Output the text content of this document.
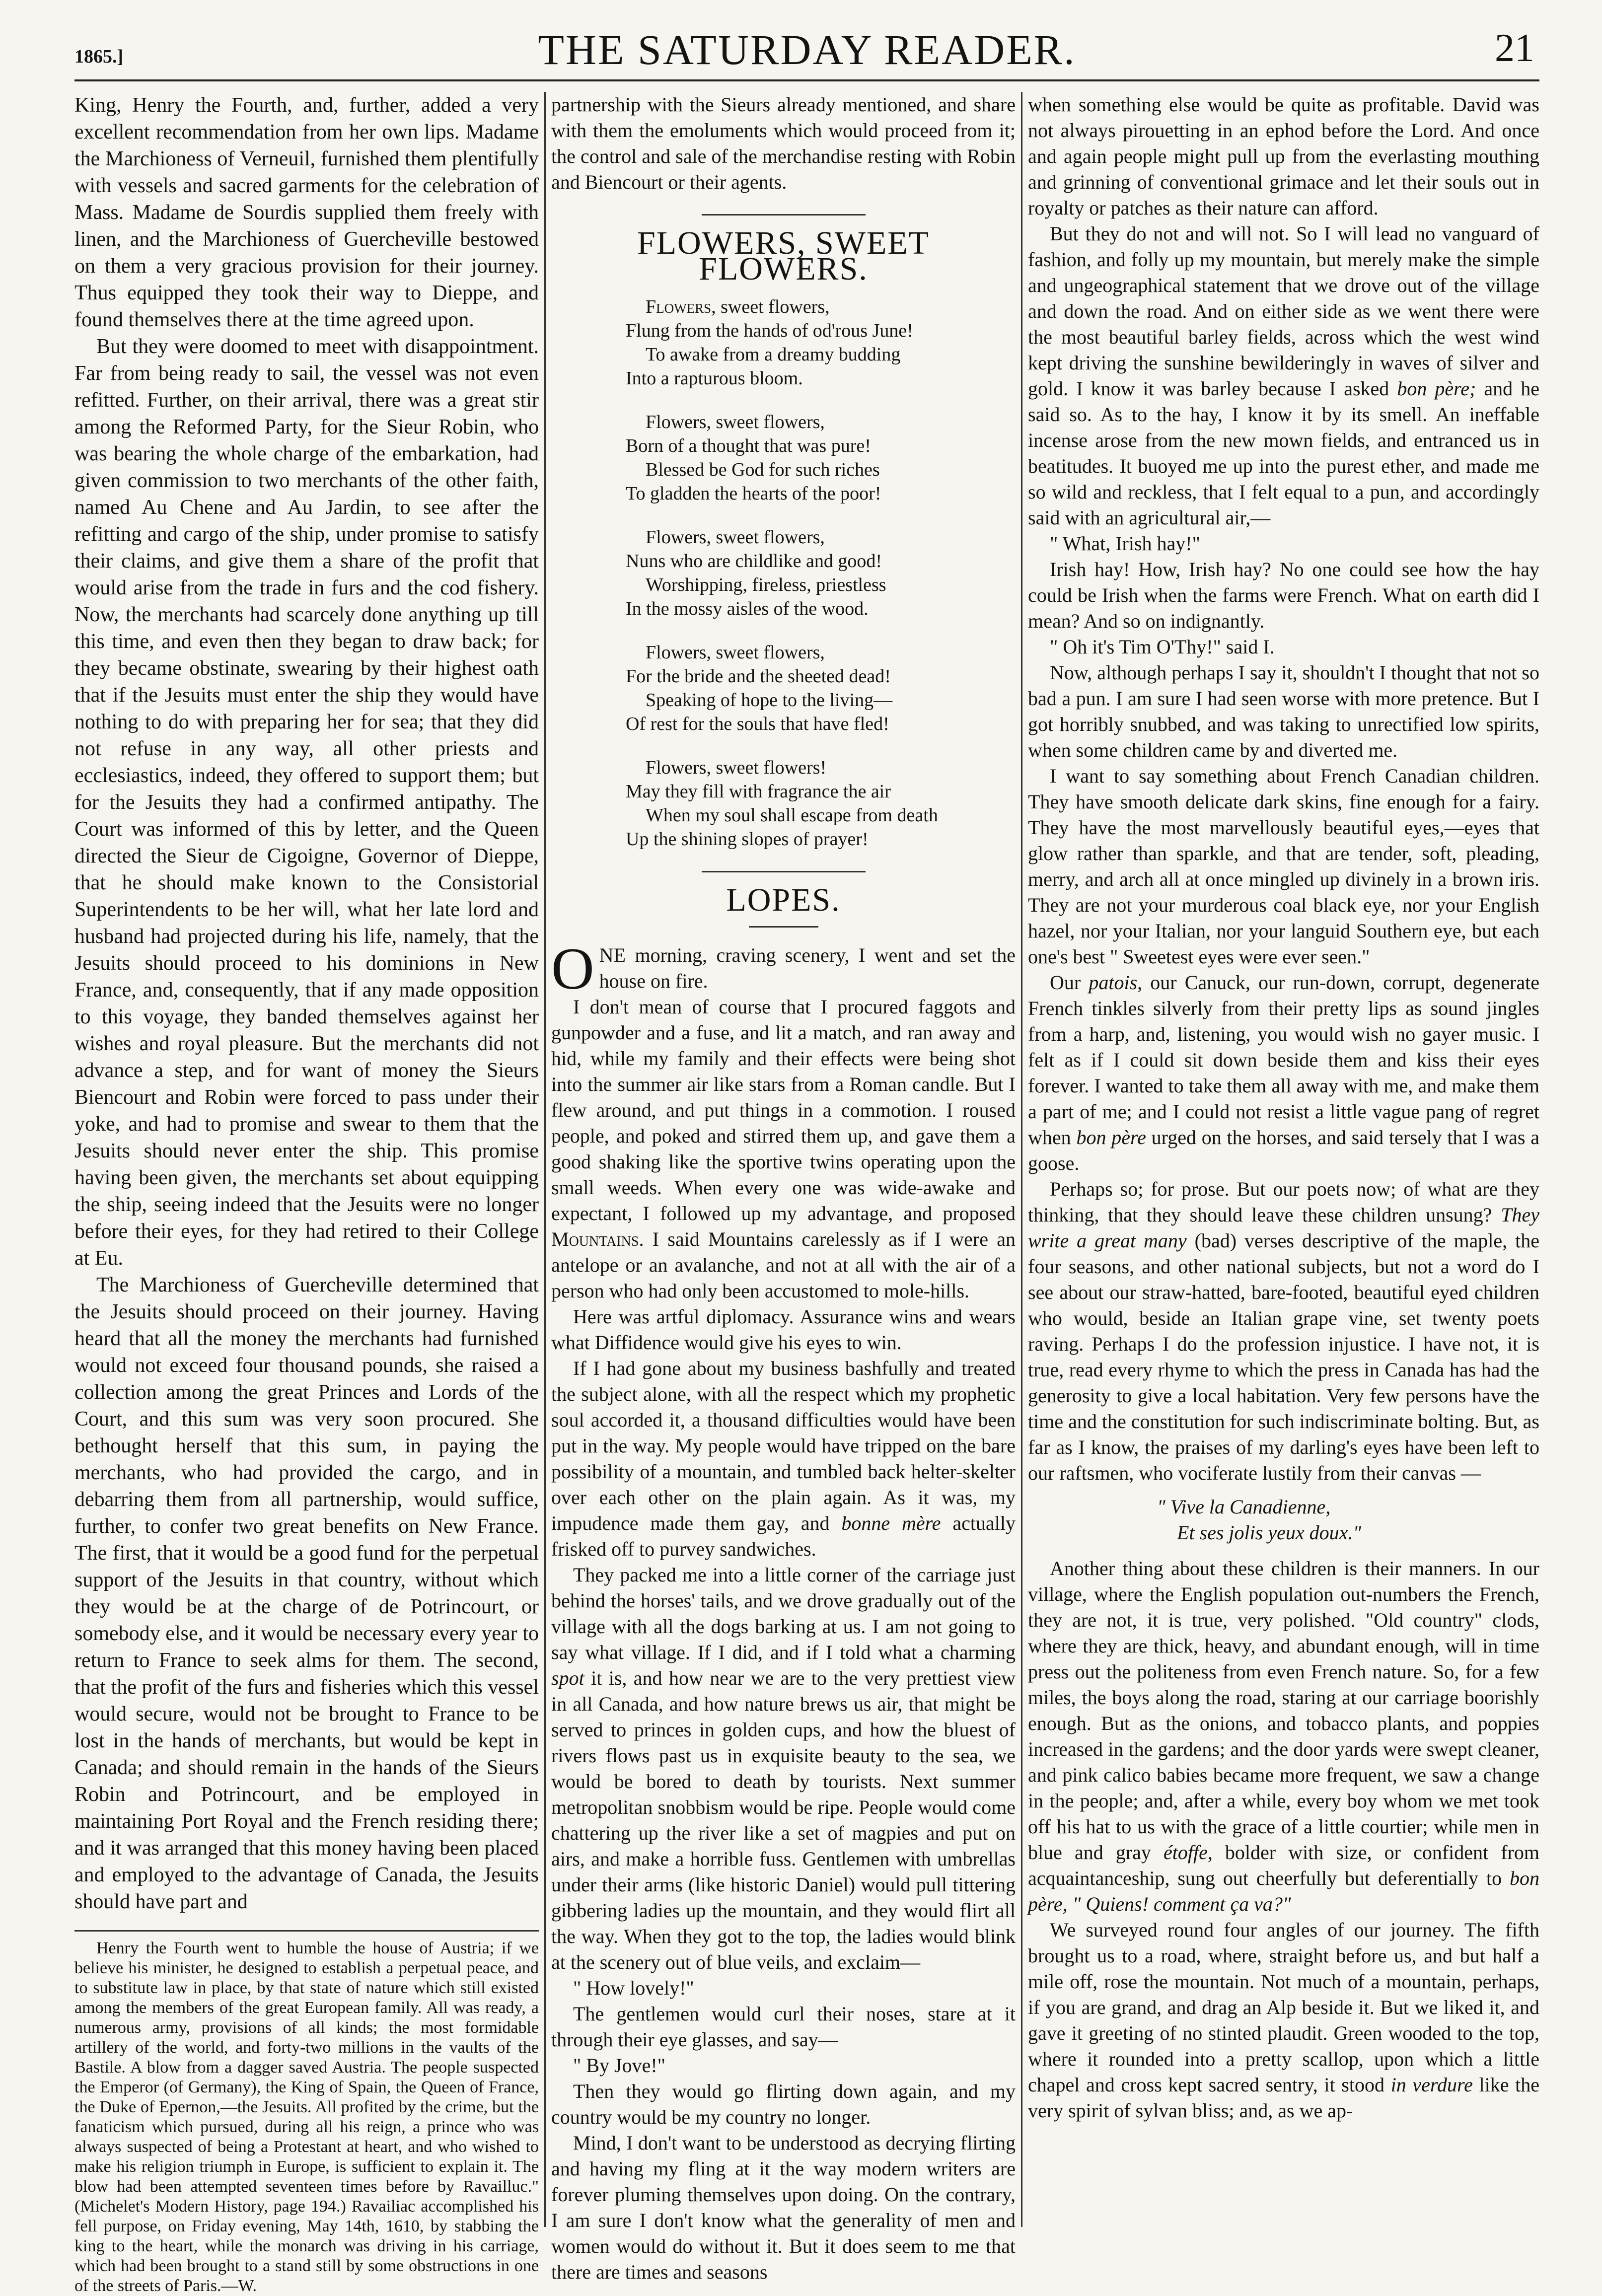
1865.]	THE SATURDAY READER.	21

King, Henry the Fourth, and, further, added a very excellent recommendation from her own lips. Madame the Marchioness of Verneuil, furnished them plentifully with vessels and sacred garments for the celebration of Mass. Madame de Sourdis supplied them freely with linen, and the Marchioness of Guercheville bestowed on them a very gracious provision for their journey. Thus equipped they took their way to Dieppe, and found themselves there at the time agreed upon.

But they were doomed to meet with disappointment. Far from being ready to sail, the vessel was not even refitted. Further, on their arrival, there was a great stir among the Reformed Party, for the Sieur Robin, who was bearing the whole charge of the embarkation, had given commission to two merchants of the other faith, named Au Chene and Au Jardin, to see after the refitting and cargo of the ship, under promise to satisfy their claims, and give them a share of the profit that would arise from the trade in furs and the cod fishery. Now, the merchants had scarcely done anything up till this time, and even then they began to draw back; for they became obstinate, swearing by their highest oath that if the Jesuits must enter the ship they would have nothing to do with preparing her for sea; that they did not refuse in any way, all other priests and ecclesiastics, indeed, they offered to support them; but for the Jesuits they had a confirmed antipathy. The Court was informed of this by letter, and the Queen directed the Sieur de Cigoigne, Governor of Dieppe, that he should make known to the Consistorial Superintendents to be her will, what her late lord and husband had projected during his life, namely, that the Jesuits should proceed to his dominions in New France, and, consequently, that if any made opposition to this voyage, they banded themselves against her wishes and royal pleasure. But the merchants did not advance a step, and for want of money the Sieurs Biencourt and Robin were forced to pass under their yoke, and had to promise and swear to them that the Jesuits should never enter the ship. This promise having been given, the merchants set about equipping the ship, seeing indeed that the Jesuits were no longer before their eyes, for they had retired to their College at Eu.

The Marchioness of Guercheville determined that the Jesuits should proceed on their journey. Having heard that all the money the merchants had furnished would not exceed four thousand pounds, she raised a collection among the great Princes and Lords of the Court, and this sum was very soon procured. She bethought herself that this sum, in paying the merchants, who had provided the cargo, and in debarring them from all partnership, would suffice, further, to confer two great benefits on New France. The first, that it would be a good fund for the perpetual support of the Jesuits in that country, without which they would be at the charge of de Potrincourt, or somebody else, and it would be necessary every year to return to France to seek alms for them. The second, that the profit of the furs and fisheries which this vessel would secure, would not be brought to France to be lost in the hands of merchants, but would be kept in Canada; and should remain in the hands of the Sieurs Robin and Potrincourt, and be employed in maintaining Port Royal and the French residing there; and it was arranged that this money having been placed and employed to the advantage of Canada, the Jesuits should have part and

Henry the Fourth went to humble the house of Austria; if we believe his minister, he designed to establish a perpetual peace, and to substitute law in place, by that state of nature which still existed among the members of the great European family. All was ready, a numerous army, provisions of all kinds; the most formidable artillery of the world, and forty-two millions in the vaults of the Bastile. A blow from a dagger saved Austria. The people suspected the Emperor (of Germany), the King of Spain, the Queen of France, the Duke of Epernon,—the Jesuits. All profited by the crime, but the fanaticism which pursued, during all his reign, a prince who was always suspected of being a Protestant at heart, and who wished to make his religion triumph in Europe, is sufficient to explain it. The blow had been attempted seventeen times before by Ravailluc." (Michelet's Modern History, page 194.) Ravailiac accomplished his fell purpose, on Friday evening, May 14th, 1610, by stabbing the king to the heart, while the monarch was driving in his carriage, which had been brought to a stand still by some obstructions in one of the streets of Paris.—W.

partnership with the Sieurs already mentioned, and share with them the emoluments which would proceed from it; the control and sale of the merchandise resting with Robin and Biencourt or their agents.

FLOWERS, SWEET FLOWERS.
Flowers, sweet flowers,
Flung from the hands of od'rous June!
To awake from a dreamy budding
Into a rapturous bloom.
Flowers, sweet flowers,
Born of a thought that was pure!
Blessed be God for such riches
To gladden the hearts of the poor!
Flowers, sweet flowers,
Nuns who are childlike and good!
Worshipping, fireless, priestless
In the mossy aisles of the wood.
Flowers, sweet flowers,
For the bride and the sheeted dead!
Speaking of hope to the living—
Of rest for the souls that have fled!
Flowers, sweet flowers!
May they fill with fragrance the air
When my soul shall escape from death
Up the shining slopes of prayer!
LOPES.

ONE morning, craving scenery, I went and set the house on fire.

I don't mean of course that I procured faggots and gunpowder and a fuse, and lit a match, and ran away and hid, while my family and their effects were being shot into the summer air like stars from a Roman candle. But I flew around, and put things in a commotion. I roused people, and poked and stirred them up, and gave them a good shaking like the sportive twins operating upon the small weeds. When every one was wide-awake and expectant, I followed up my advantage, and proposed Mountains. I said Mountains carelessly as if I were an antelope or an avalanche, and not at all with the air of a person who had only been accustomed to mole-hills.

Here was artful diplomacy. Assurance wins and wears what Diffidence would give his eyes to win.

If I had gone about my business bashfully and treated the subject alone, with all the respect which my prophetic soul accorded it, a thousand difficulties would have been put in the way. My people would have tripped on the bare possibility of a mountain, and tumbled back helter-skelter over each other on the plain again. As it was, my impudence made them gay, and bonne mère actually frisked off to purvey sandwiches.

They packed me into a little corner of the carriage just behind the horses' tails, and we drove gradually out of the village with all the dogs barking at us. I am not going to say what village. If I did, and if I told what a charming spot it is, and how near we are to the very prettiest view in all Canada, and how nature brews us air, that might be served to princes in golden cups, and how the bluest of rivers flows past us in exquisite beauty to the sea, we would be bored to death by tourists. Next summer metropolitan snobbism would be ripe. People would come chattering up the river like a set of magpies and put on airs, and make a horrible fuss. Gentlemen with umbrellas under their arms (like historic Daniel) would pull tittering gibbering ladies up the mountain, and they would flirt all the way. When they got to the top, the ladies would blink at the scenery out of blue veils, and exclaim—

" How lovely!"

The gentlemen would curl their noses, stare at it through their eye glasses, and say—

" By Jove!"

Then they would go flirting down again, and my country would be my country no longer.

Mind, I don't want to be understood as decrying flirting and having my fling at it the way modern writers are forever pluming themselves upon doing. On the contrary, I am sure I don't know what the generality of men and women would do without it. But it does seem to me that there are times and seasons

when something else would be quite as profitable. David was not always pirouetting in an ephod before the Lord. And once and again people might pull up from the everlasting mouthing and grinning of conventional grimace and let their souls out in royalty or patches as their nature can afford.

But they do not and will not. So I will lead no vanguard of fashion, and folly up my mountain, but merely make the simple and ungeographical statement that we drove out of the village and down the road. And on either side as we went there were the most beautiful barley fields, across which the west wind kept driving the sunshine bewilderingly in waves of silver and gold. I know it was barley because I asked bon père; and he said so. As to the hay, I know it by its smell. An ineffable incense arose from the new mown fields, and entranced us in beatitudes. It buoyed me up into the purest ether, and made me so wild and reckless, that I felt equal to a pun, and accordingly said with an agricultural air,—

" What, Irish hay!"

Irish hay! How, Irish hay? No one could see how the hay could be Irish when the farms were French. What on earth did I mean? And so on indignantly.

" Oh it's Tim O'Thy!" said I.

Now, although perhaps I say it, shouldn't I thought that not so bad a pun. I am sure I had seen worse with more pretence. But I got horribly snubbed, and was taking to unrectified low spirits, when some children came by and diverted me.

I want to say something about French Canadian children. They have smooth delicate dark skins, fine enough for a fairy. They have the most marvellously beautiful eyes,—eyes that glow rather than sparkle, and that are tender, soft, pleading, merry, and arch all at once mingled up divinely in a brown iris. They are not your murderous coal black eye, nor your English hazel, nor your Italian, nor your languid Southern eye, but each one's best " Sweetest eyes were ever seen."

Our patois, our Canuck, our run-down, corrupt, degenerate French tinkles silverly from their pretty lips as sound jingles from a harp, and, listening, you would wish no gayer music. I felt as if I could sit down beside them and kiss their eyes forever. I wanted to take them all away with me, and make them a part of me; and I could not resist a little vague pang of regret when bon père urged on the horses, and said tersely that I was a goose.

Perhaps so; for prose. But our poets now; of what are they thinking, that they should leave these children unsung? They write a great many (bad) verses descriptive of the maple, the four seasons, and other national subjects, but not a word do I see about our straw-hatted, bare-footed, beautiful eyed children who would, beside an Italian grape vine, set twenty poets raving. Perhaps I do the profession injustice. I have not, it is true, read every rhyme to which the press in Canada has had the generosity to give a local habitation. Very few persons have the time and the constitution for such indiscriminate bolting. But, as far as I know, the praises of my darling's eyes have been left to our raftsmen, who vociferate lustily from their canvas —

" Vive la Canadienne,
Et ses jolis yeux doux."

Another thing about these children is their manners. In our village, where the English population out-numbers the French, they are not, it is true, very polished. "Old country" clods, where they are thick, heavy, and abundant enough, will in time press out the politeness from even French nature. So, for a few miles, the boys along the road, staring at our carriage boorishly enough. But as the onions, and tobacco plants, and poppies increased in the gardens; and the door yards were swept cleaner, and pink calico babies became more frequent, we saw a change in the people; and, after a while, every boy whom we met took off his hat to us with the grace of a little courtier; while men in blue and gray étoffe, bolder with size, or confident from acquaintanceship, sung out cheerfully but deferentially to bon père, " Quiens! comment ça va?"

We surveyed round four angles of our journey. The fifth brought us to a road, where, straight before us, and but half a mile off, rose the mountain. Not much of a mountain, perhaps, if you are grand, and drag an Alp beside it. But we liked it, and gave it greeting of no stinted plaudit. Green wooded to the top, where it rounded into a pretty scallop, upon which a little chapel and cross kept sacred sentry, it stood in verdure like the very spirit of sylvan bliss; and, as we ap-
